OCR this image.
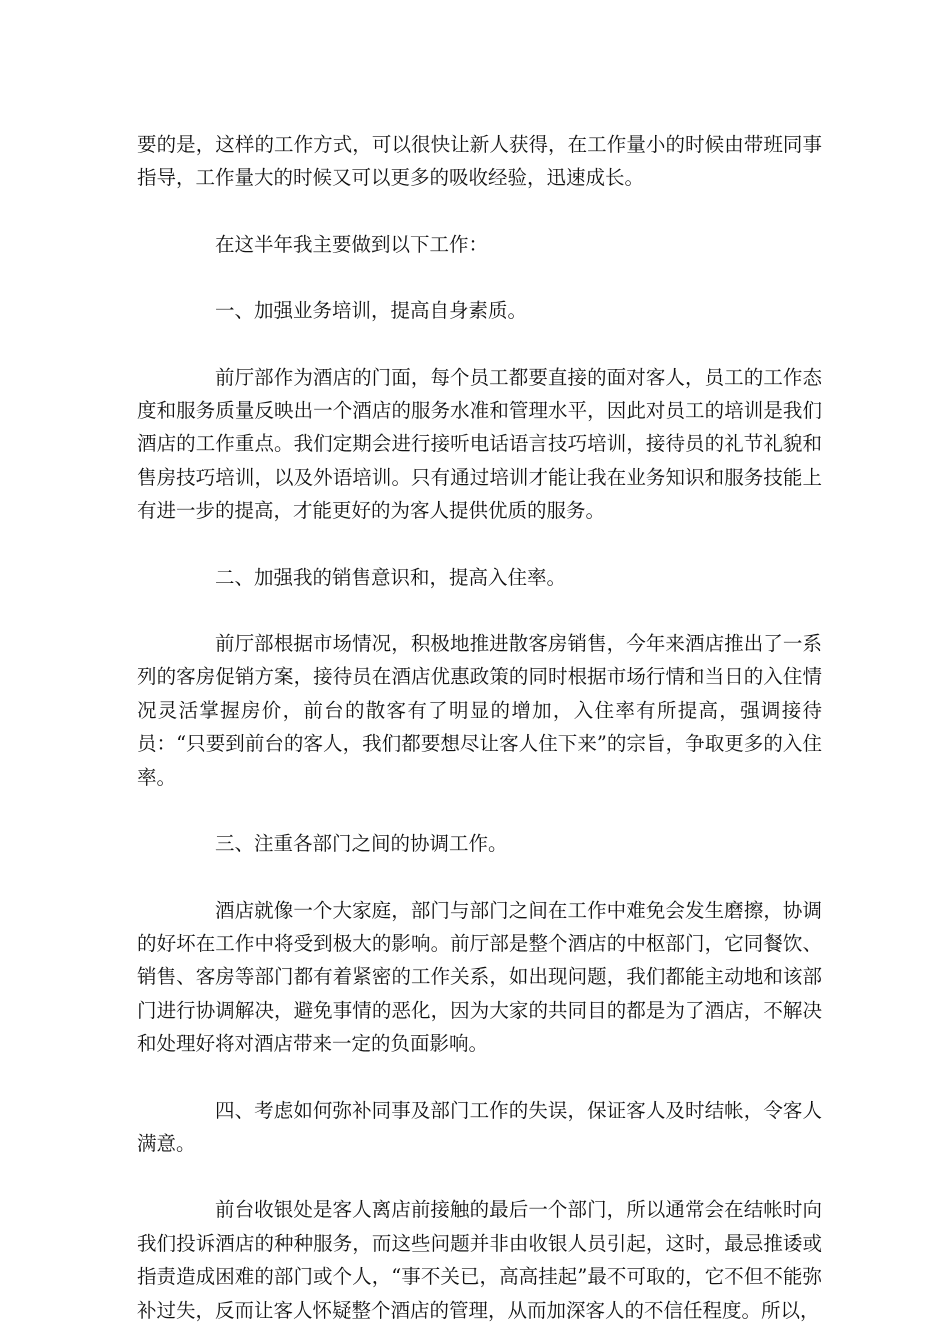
要的是，这样的工作方式，可以很快让新人获得，在工作量小的时候由带班同事指导，工作量大的时候又可以更多的吸收经验，迅速成长。

在这半年我主要做到以下工作：

一、加强业务培训，提高自身素质。

前厅部作为酒店的门面，每个员工都要直接的面对客人，员工的工作态度和服务质量反映出一个酒店的服务水准和管理水平，因此对员工的培训是我们酒店的工作重点。我们定期会进行接听电话语言技巧培训，接待员的礼节礼貌和售房技巧培训，以及外语培训。只有通过培训才能让我在业务知识和服务技能上有进一步的提高，才能更好的为客人提供优质的服务。

二、加强我的销售意识和，提高入住率。

前厅部根据市场情况，积极地推进散客房销售，今年来酒店推出了一系列的客房促销方案，接待员在酒店优惠政策的同时根据市场行情和当日的入住情况灵活掌握房价，前台的散客有了明显的增加，入住率有所提高，强调接待员：“只要到前台的客人，我们都要想尽让客人住下来”的宗旨，争取更多的入住率。

三、注重各部门之间的协调工作。

酒店就像一个大家庭，部门与部门之间在工作中难免会发生磨擦，协调的好坏在工作中将受到极大的影响。前厅部是整个酒店的中枢部门，它同餐饮、销售、客房等部门都有着紧密的工作关系，如出现问题，我们都能主动地和该部门进行协调解决，避免事情的恶化，因为大家的共同目的都是为了酒店，不解决和处理好将对酒店带来一定的负面影响。

四、考虑如何弥补同事及部门工作的失误，保证客人及时结帐，令客人满意。

前台收银处是客人离店前接触的最后一个部门，所以通常会在结帐时向我们投诉酒店的种种服务，而这些问题并非由收银人员引起，这时，最忌推诿或指责造成困难的部门或个人，“事不关已，高高挂起”最不可取的，它不但不能弥补过失，反而让客人怀疑整个酒店的管理，从而加深客人的不信任程度。所以，
